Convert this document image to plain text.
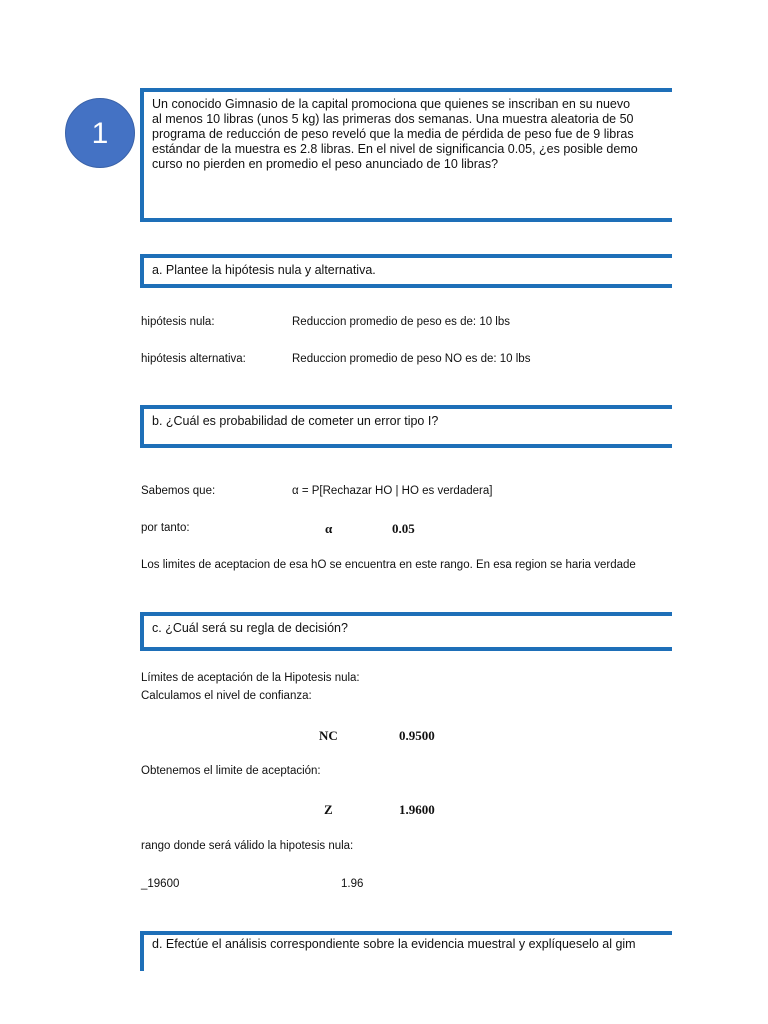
1
Un conocido Gimnasio de la capital promociona que quienes se inscriban en su nuevo
al menos 10 libras (unos 5 kg) las primeras dos semanas. Una muestra aleatoria de 50
programa de reducción de peso reveló que la media de pérdida de peso fue de 9 libras
estándar de la muestra es 2.8 libras. En el nivel de significancia 0.05, ¿es posible demo
curso no pierden en promedio el peso anunciado de 10 libras?
a. Plantee la hipótesis nula y alternativa.
hipótesis nula:	Reduccion promedio de peso es de: 10 lbs
hipótesis alternativa:	Reduccion promedio de peso NO es de: 10 lbs
b. ¿Cuál es probabilidad de cometer un error tipo I?
Sabemos que:	α = P[Rechazar HO | HO es verdadera]
por tanto:	α	0.05
Los limites de aceptacion de esa hO se encuentra en este rango. En esa region se haria verdade
c. ¿Cuál será su regla de decisión?
Límites de aceptación de la Hipotesis nula:
Calculamos el nivel de confianza:
NC	0.9500
Obtenemos el limite de aceptación:
Z	1.9600
rango donde será válido la hipotesis nula:
_19600	1.96
d. Efectúe el análisis correspondiente sobre la evidencia muestral y explíqueselo al gim
